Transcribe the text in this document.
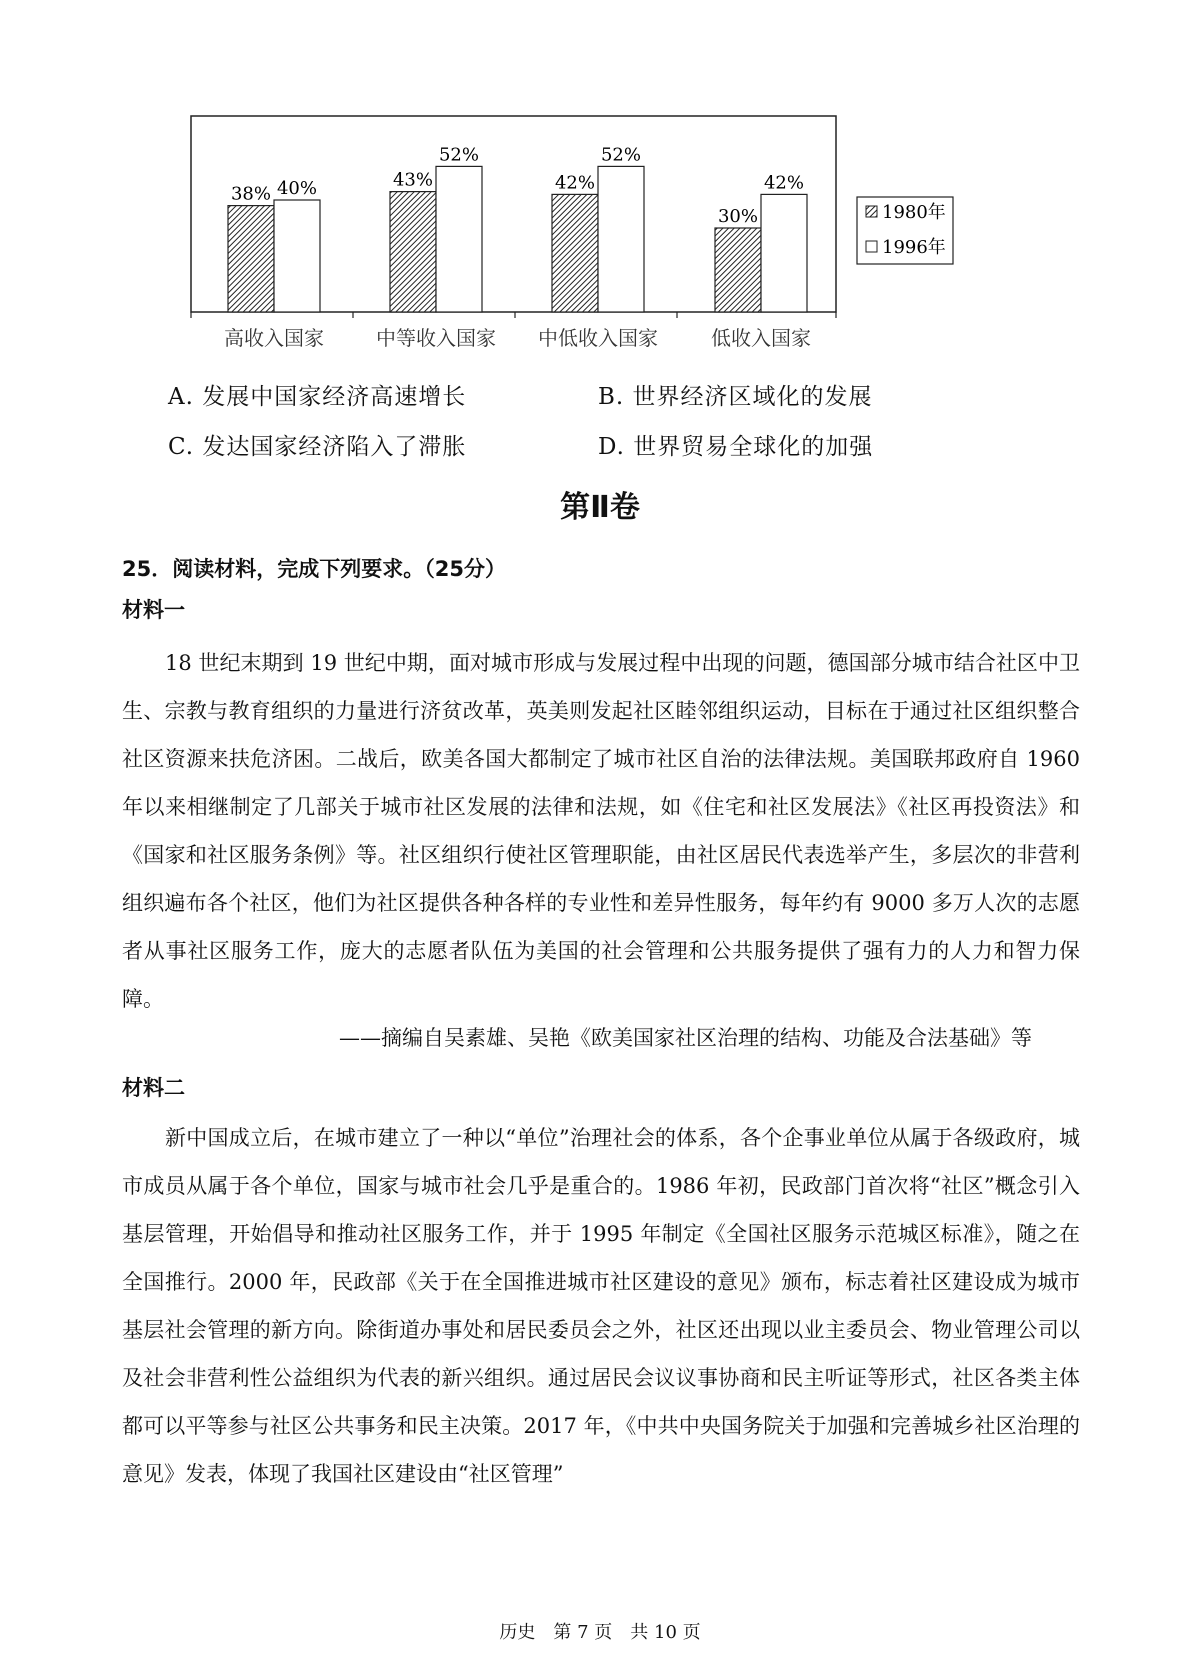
38% 40%	43%
52%
42%
52%
30%
42%
高收入国家	中等收入国家 中低收入国家	低收入国家
1980年
1996年
A. 发展中国家经济高速增长	B. 世界经济区域化的发展
C. 发达国家经济陷入了滞胀	D. 世界贸易全球化的加强
第Ⅱ卷
25．阅读材料，完成下列要求。（25分）
材料一

18 世纪末期到 19 世纪中期，面对城市形成与发展过程中出现的问题，德国部分城市结合社区中卫生、宗教与教育组织的力量进行济贫改革，英美则发起社区睦邻组织运动，目标在于通过社区组织整合社区资源来扶危济困。二战后，欧美各国大都制定了城市社区自治的法律法规。美国联邦政府自 1960 年以来相继制定了几部关于城市社区发展的法律和法规，如《住宅和社区发展法》《社区再投资法》和《国家和社区服务条例》等。社区组织行使社区管理职能，由社区居民代表选举产生，多层次的非营利组织遍布各个社区，他们为社区提供各种各样的专业性和差异性服务，每年约有 9000 多万人次的志愿者从事社区服务工作，庞大的志愿者队伍为美国的社会管理和公共服务提供了强有力的人力和智力保障。

——摘编自吴素雄、吴艳《欧美国家社区治理的结构、功能及合法基础》等
材料二

新中国成立后，在城市建立了一种以“单位”治理社会的体系，各个企事业单位从属于各级政府，城市成员从属于各个单位，国家与城市社会几乎是重合的。1986 年初，民政部门首次将“社区”概念引入基层管理，开始倡导和推动社区服务工作，并于 1995 年制定《全国社区服务示范城区标准》，随之在全国推行。2000 年，民政部《关于在全国推进城市社区建设的意见》颁布，标志着社区建设成为城市基层社会管理的新方向。除街道办事处和居民委员会之外，社区还出现以业主委员会、物业管理公司以及社会非营利性公益组织为代表的新兴组织。通过居民会议议事协商和民主听证等形式，社区各类主体都可以平等参与社区公共事务和民主决策。2017 年，《中共中央国务院关于加强和完善城乡社区治理的意见》发表，体现了我国社区建设由“社区管理”

历史　第 7 页　共 10 页
